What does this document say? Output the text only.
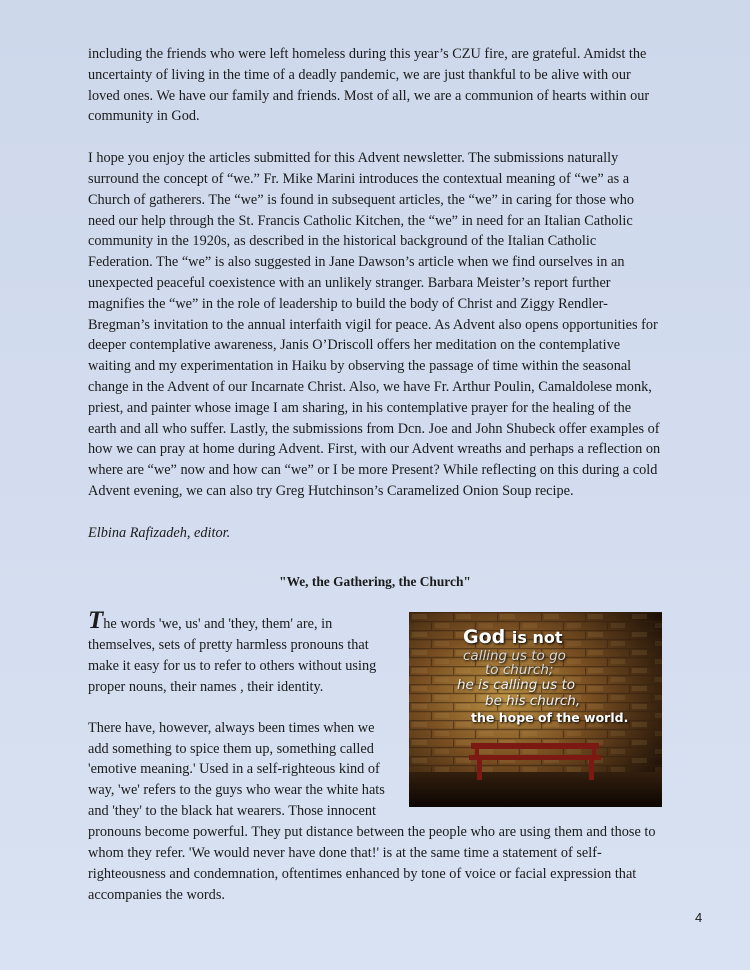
including the friends who were left homeless during this year’s CZU fire, are grateful. Amidst the uncertainty of living in the time of a deadly pandemic, we are just thankful to be alive with our loved ones. We have our family and friends. Most of all, we are a communion of hearts within our community in God.

I hope you enjoy the articles submitted for this Advent newsletter. The submissions naturally surround the concept of “we.” Fr. Mike Marini introduces the contextual meaning of “we” as a Church of gatherers. The “we” is found in subsequent articles, the “we” in caring for those who need our help through the St. Francis Catholic Kitchen, the “we” in need for an Italian Catholic community in the 1920s, as described in the historical background of the Italian Catholic Federation. The “we” is also suggested in Jane Dawson’s article when we find ourselves in an unexpected peaceful coexistence with an unlikely stranger. Barbara Meister’s report further magnifies the “we” in the role of leadership to build the body of Christ and Ziggy Rendler-Bregman’s invitation to the annual interfaith vigil for peace. As Advent also opens opportunities for deeper contemplative awareness, Janis O’Driscoll offers her meditation on the contemplative waiting and my experimentation in Haiku by observing the passage of time within the seasonal change in the Advent of our Incarnate Christ. Also, we have Fr. Arthur Poulin, Camaldolese monk, priest, and painter whose image I am sharing, in his contemplative prayer for the healing of the earth and all who suffer. Lastly, the submissions from Dcn. Joe and John Shubeck offer examples of how we can pray at home during Advent. First, with our Advent wreaths and perhaps a reflection on where are “we” now and how can “we” or I be more Present? While reflecting on this during a cold Advent evening, we can also try Greg Hutchinson’s Caramelized Onion Soup recipe.

Elbina Rafizadeh, editor.

"We, the Gathering, the Church"
God is not
calling us to go
to church;
he is calling us to
be his church,
the hope of the world.

The words 'we, us' and 'they, them' are, in themselves, sets of pretty harmless pronouns that make it easy for us to refer to others without using proper nouns, their names , their identity.

There have, however, always been times when we add something to spice them up, something called 'emotive meaning.' Used in a self-righteous kind of way, 'we' refers to the guys who wear the white hats and 'they' to the black hat wearers. Those innocent pronouns become powerful. They put distance between the people who are using them and those to whom they refer. 'We would never have done that!' is at the same time a statement of self-righteousness and condemnation, oftentimes enhanced by tone of voice or facial expression that accompanies the words.

4
